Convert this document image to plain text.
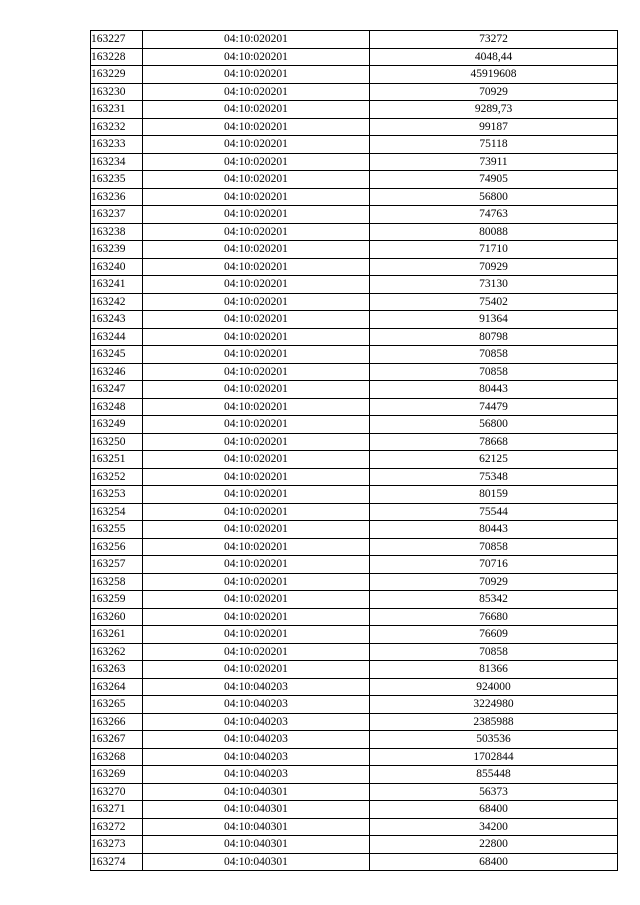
163227	04:10:020201	73272
163228	04:10:020201	4048,44
163229	04:10:020201	45919608
163230	04:10:020201	70929
163231	04:10:020201	9289,73
163232	04:10:020201	99187
163233	04:10:020201	75118
163234	04:10:020201	73911
163235	04:10:020201	74905
163236	04:10:020201	56800
163237	04:10:020201	74763
163238	04:10:020201	80088
163239	04:10:020201	71710
163240	04:10:020201	70929
163241	04:10:020201	73130
163242	04:10:020201	75402
163243	04:10:020201	91364
163244	04:10:020201	80798
163245	04:10:020201	70858
163246	04:10:020201	70858
163247	04:10:020201	80443
163248	04:10:020201	74479
163249	04:10:020201	56800
163250	04:10:020201	78668
163251	04:10:020201	62125
163252	04:10:020201	75348
163253	04:10:020201	80159
163254	04:10:020201	75544
163255	04:10:020201	80443
163256	04:10:020201	70858
163257	04:10:020201	70716
163258	04:10:020201	70929
163259	04:10:020201	85342
163260	04:10:020201	76680
163261	04:10:020201	76609
163262	04:10:020201	70858
163263	04:10:020201	81366
163264	04:10:040203	924000
163265	04:10:040203	3224980
163266	04:10:040203	2385988
163267	04:10:040203	503536
163268	04:10:040203	1702844
163269	04:10:040203	855448
163270	04:10:040301	56373
163271	04:10:040301	68400
163272	04:10:040301	34200
163273	04:10:040301	22800
163274	04:10:040301	68400
